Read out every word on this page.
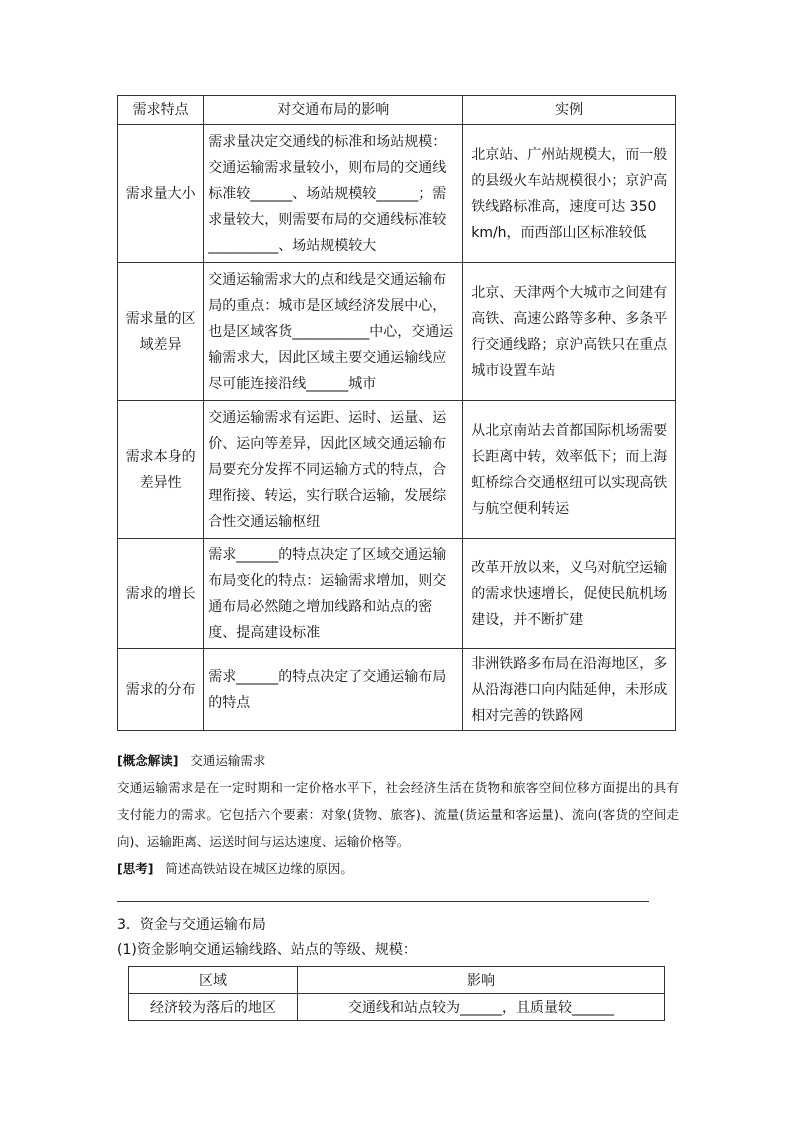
需求特点	对交通布局的影响	实例
需求量大小	需求量决定交通线的标准和场站规模：交通运输需求量较小，则布局的交通线标准较______、场站规模较______；需求量较大，则需要布局的交通线标准较__________、场站规模较大	北京站、广州站规模大，而一般的县级火车站规模很小；京沪高铁线路标准高，速度可达 350 km/h，而西部山区标准较低
需求量的区域差异	交通运输需求大的点和线是交通运输布局的重点：城市是区域经济发展中心，也是区域客货___________中心，交通运输需求大，因此区域主要交通运输线应尽可能连接沿线______城市	北京、天津两个大城市之间建有高铁、高速公路等多种、多条平行交通线路；京沪高铁只在重点城市设置车站
需求本身的差异性	交通运输需求有运距、运时、运量、运价、运向等差异，因此区域交通运输布局要充分发挥不同运输方式的特点，合理衔接、转运，实行联合运输，发展综合性交通运输枢纽	从北京南站去首都国际机场需要长距离中转，效率低下；而上海虹桥综合交通枢纽可以实现高铁与航空便利转运
需求的增长	需求______的特点决定了区域交通运输布局变化的特点：运输需求增加，则交通布局必然随之增加线路和站点的密度、提高建设标准	改革开放以来，义乌对航空运输的需求快速增长，促使民航机场建设，并不断扩建
需求的分布	需求______的特点决定了交通运输布局的特点	非洲铁路多布局在沿海地区，多从沿海港口向内陆延伸，未形成相对完善的铁路网

[概念解读] 交通运输需求

交通运输需求是在一定时期和一定价格水平下，社会经济生活在货物和旅客空间位移方面提出的具有支付能力的需求。它包括六个要素：对象(货物、旅客)、流量(货运量和客运量)、流向(客货的空间走向)、运输距离、运送时间与运达速度、运输价格等。

[思考] 简述高铁站设在城区边缘的原因。

3．资金与交通运输布局
(1)资金影响交通运输线路、站点的等级、规模：
区域	影响
经济较为落后的地区	交通线和站点较为______，且质量较______
